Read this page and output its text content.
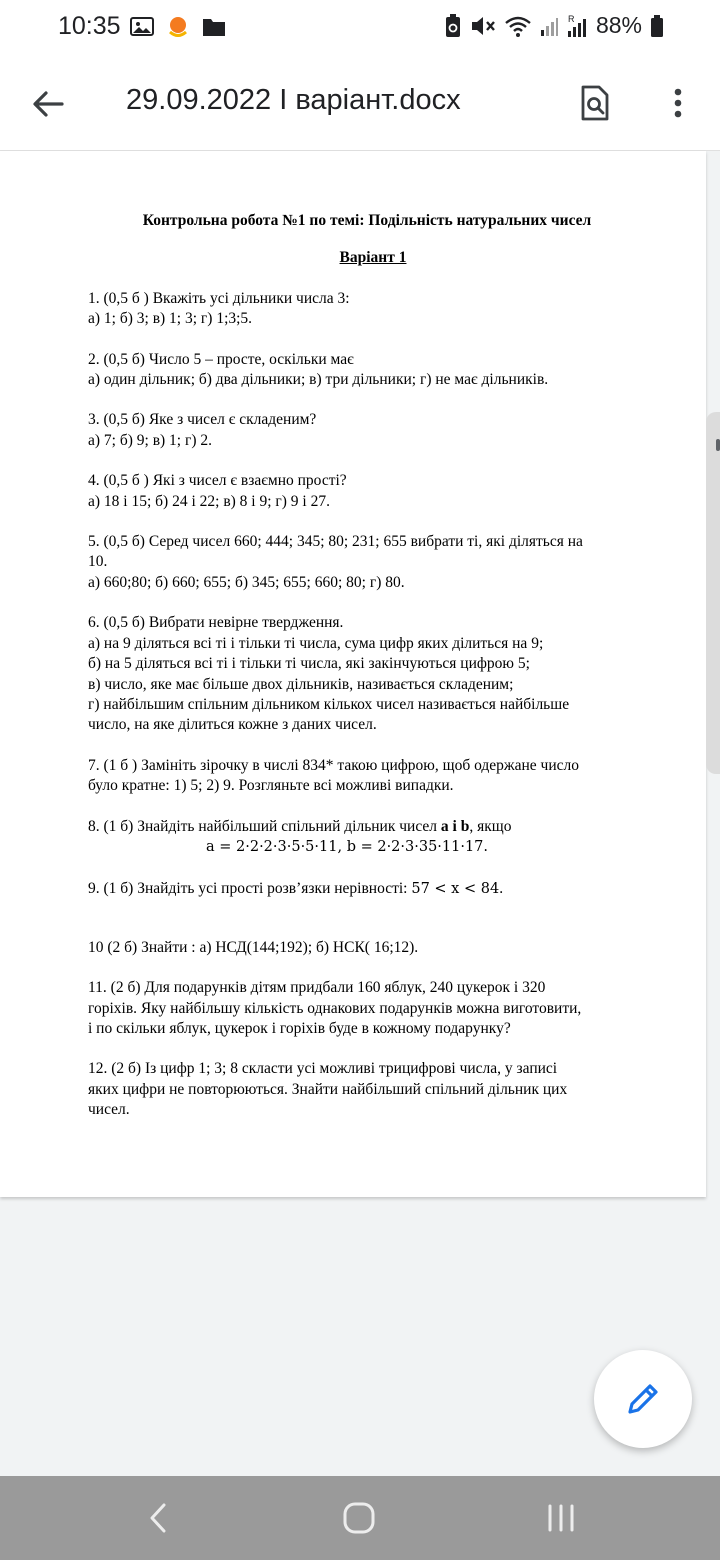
10:35	R 88%
29.09.2022 I варіант.docx
Контрольна робота №1 по темі: Подільність натуральних чисел
Варіант 1
1. (0,5 б ) Вкажіть усі дільники числа 3:
а) 1; б) 3; в) 1; 3; г) 1;3;5.
2. (0,5 б) Число 5 – просте, оскільки має
а) один дільник; б) два дільники; в) три дільники; г) не має дільників.
3. (0,5 б) Яке з чисел є складеним?
а) 7; б) 9; в) 1; г) 2.
4. (0,5 б ) Які з чисел є взаємно прості?
а) 18 і 15; б) 24 і 22; в) 8 і 9; г) 9 і 27.
5. (0,5 б) Серед чисел 660; 444; 345; 80; 231; 655 вибрати ті, які діляться на
10.
а) 660;80; б) 660; 655; б) 345; 655; 660; 80; г) 80.
6. (0,5 б) Вибрати невірне твердження.
а) на 9 діляться всі ті і тільки ті числа, сума цифр яких ділиться на 9;
б) на 5 діляться всі ті і тільки ті числа, які закінчуються цифрою 5;
в) число, яке має більше двох дільників, називається складеним;
г) найбільшим спільним дільником кількох чисел називається найбільше
число, на яке ділиться кожне з даних чисел.
7. (1 б ) Замініть зірочку в числі 834* такою цифрою, щоб одержане число
було кратне: 1) 5; 2) 9. Розгляньте всі можливі випадки.
8. (1 б) Знайдіть найбільший спільний дільник чисел a і b, якщо
a = 2·2·2·3·5·5·11, b = 2·2·3·35·11·17.
9. (1 б) Знайдіть усі прості розв’язки нерівності: 57 < x < 84.
10 (2 б) Знайти : а) НСД(144;192); б) НСК( 16;12).
11. (2 б) Для подарунків дітям придбали 160 яблук, 240 цукерок і 320
горіхів. Яку найбільшу кількість однакових подарунків можна виготовити,
і по скільки яблук, цукерок і горіхів буде в кожному подарунку?
12. (2 б) Із цифр 1; 3; 8 скласти усі можливі трицифрові числа, у записі
яких цифри не повторюються. Знайти найбільший спільний дільник цих
чисел.
